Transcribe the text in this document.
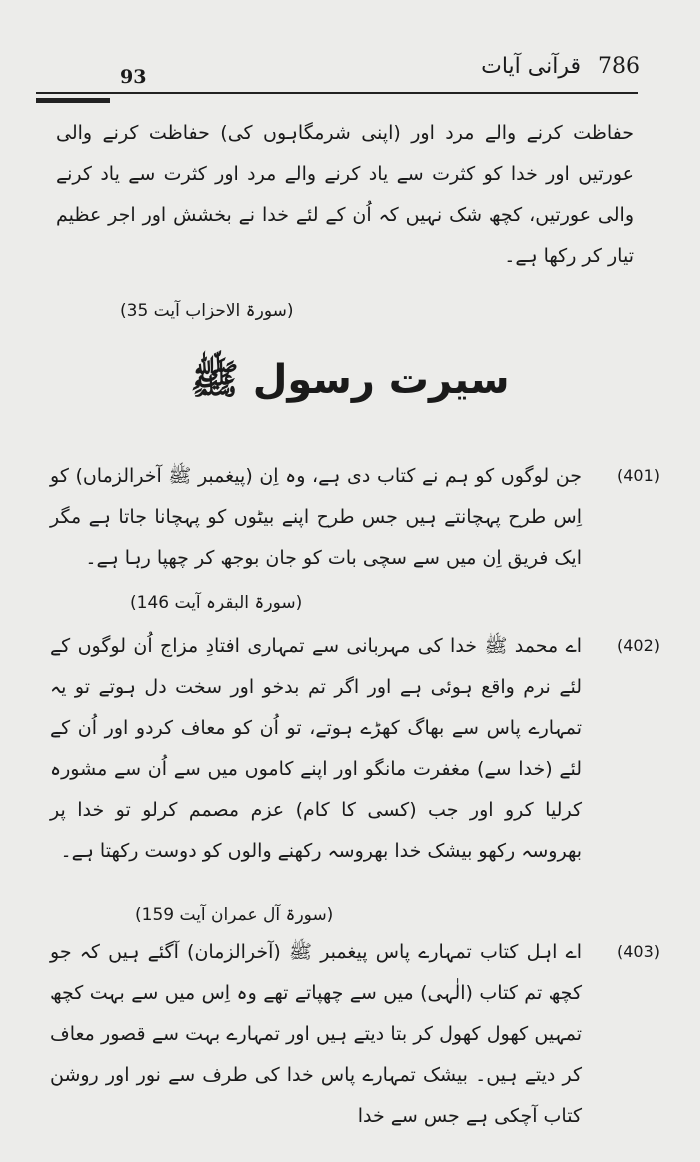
786 قرآنی آیات
93
حفاظت کرنے والے مرد اور (اپنی شرمگاہوں کی) حفاظت کرنے والی عورتیں اور خدا کو کثرت سے یاد کرنے والے مرد اور کثرت سے یاد کرنے والی عورتیں، کچھ شک نہیں کہ اُن کے لئے خدا نے بخشش اور اجر عظیم تیار کر رکھا ہے۔
(سورۃ الاحزاب آیت 35)
سیرت رسول ﷺ
(401)
جن لوگوں کو ہم نے کتاب دی ہے، وہ اِن (پیغمبر ﷺ آخرالزماں) کو اِس طرح پہچانتے ہیں جس طرح اپنے بیٹوں کو پہچانا جاتا ہے مگر ایک فریق اِن میں سے سچی بات کو جان بوجھ کر چھپا رہا ہے۔
(سورۃ البقرہ آیت 146)
(402)
اے محمد ﷺ خدا کی مہربانی سے تمہاری افتادِ مزاج اُن لوگوں کے لئے نرم واقع ہوئی ہے اور اگر تم بدخو اور سخت دل ہوتے تو یہ تمہارے پاس سے بھاگ کھڑے ہوتے، تو اُن کو معاف کردو اور اُن کے لئے (خدا سے) مغفرت مانگو اور اپنے کاموں میں سے اُن سے مشورہ کرلیا کرو اور جب (کسی کا کام) عزم مصمم کرلو تو خدا پر بھروسہ رکھو بیشک خدا بھروسہ رکھنے والوں کو دوست رکھتا ہے۔
(سورۃ آل عمران آیت 159)
(403)
اے اہل کتاب تمہارے پاس پیغمبر ﷺ (آخرالزمان) آگئے ہیں کہ جو کچھ تم کتاب (الٰہی) میں سے چھپاتے تھے وہ اِس میں سے بہت کچھ تمہیں کھول کھول کر بتا دیتے ہیں اور تمہارے بہت سے قصور معاف کر دیتے ہیں۔ بیشک تمہارے پاس خدا کی طرف سے نور اور روشن کتاب آچکی ہے جس سے خدا
